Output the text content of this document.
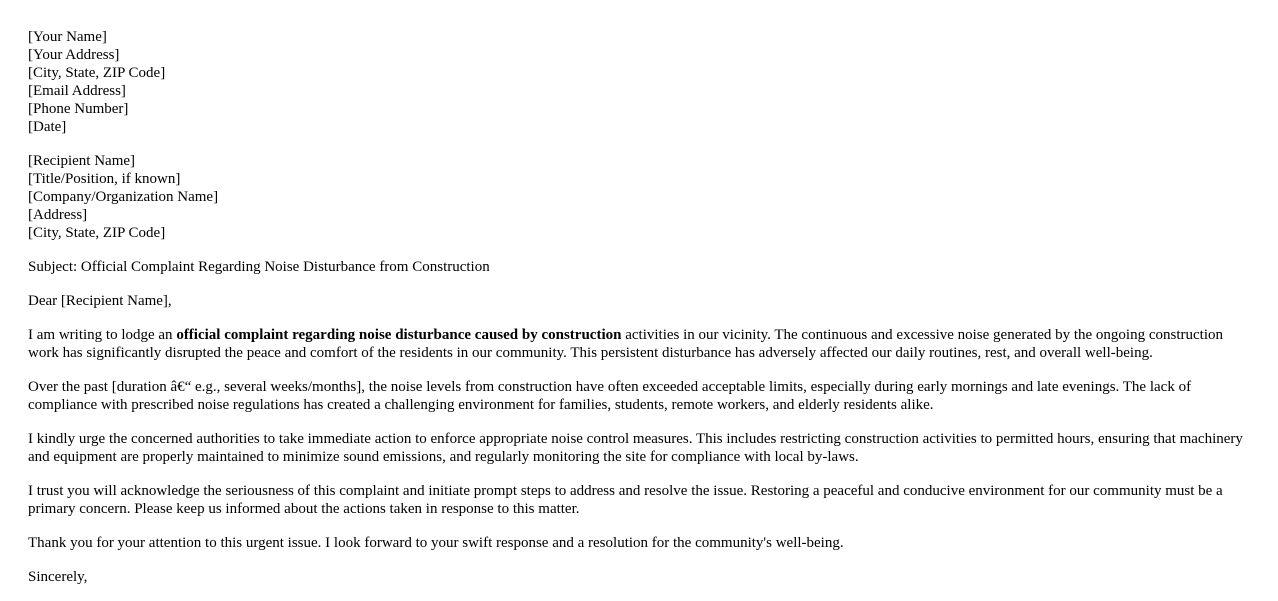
[Your Name]
[Your Address]
[City, State, ZIP Code]
[Email Address]
[Phone Number]
[Date]
[Recipient Name]
[Title/Position, if known]
[Company/Organization Name]
[Address]
[City, State, ZIP Code]

Subject: Official Complaint Regarding Noise Disturbance from Construction

Dear [Recipient Name],

I am writing to lodge an official complaint regarding noise disturbance caused by construction activities in our vicinity. The continuous and excessive noise generated by the ongoing construction work has significantly disrupted the peace and comfort of the residents in our community. This persistent disturbance has adversely affected our daily routines, rest, and overall well-being.

Over the past [duration â€“ e.g., several weeks/months], the noise levels from construction have often exceeded acceptable limits, especially during early mornings and late evenings. The lack of compliance with prescribed noise regulations has created a challenging environment for families, students, remote workers, and elderly residents alike.

I kindly urge the concerned authorities to take immediate action to enforce appropriate noise control measures. This includes restricting construction activities to permitted hours, ensuring that machinery and equipment are properly maintained to minimize sound emissions, and regularly monitoring the site for compliance with local by-laws.

I trust you will acknowledge the seriousness of this complaint and initiate prompt steps to address and resolve the issue. Restoring a peaceful and conducive environment for our community must be a primary concern. Please keep us informed about the actions taken in response to this matter.

Thank you for your attention to this urgent issue. I look forward to your swift response and a resolution for the community's well-being.

Sincerely,
